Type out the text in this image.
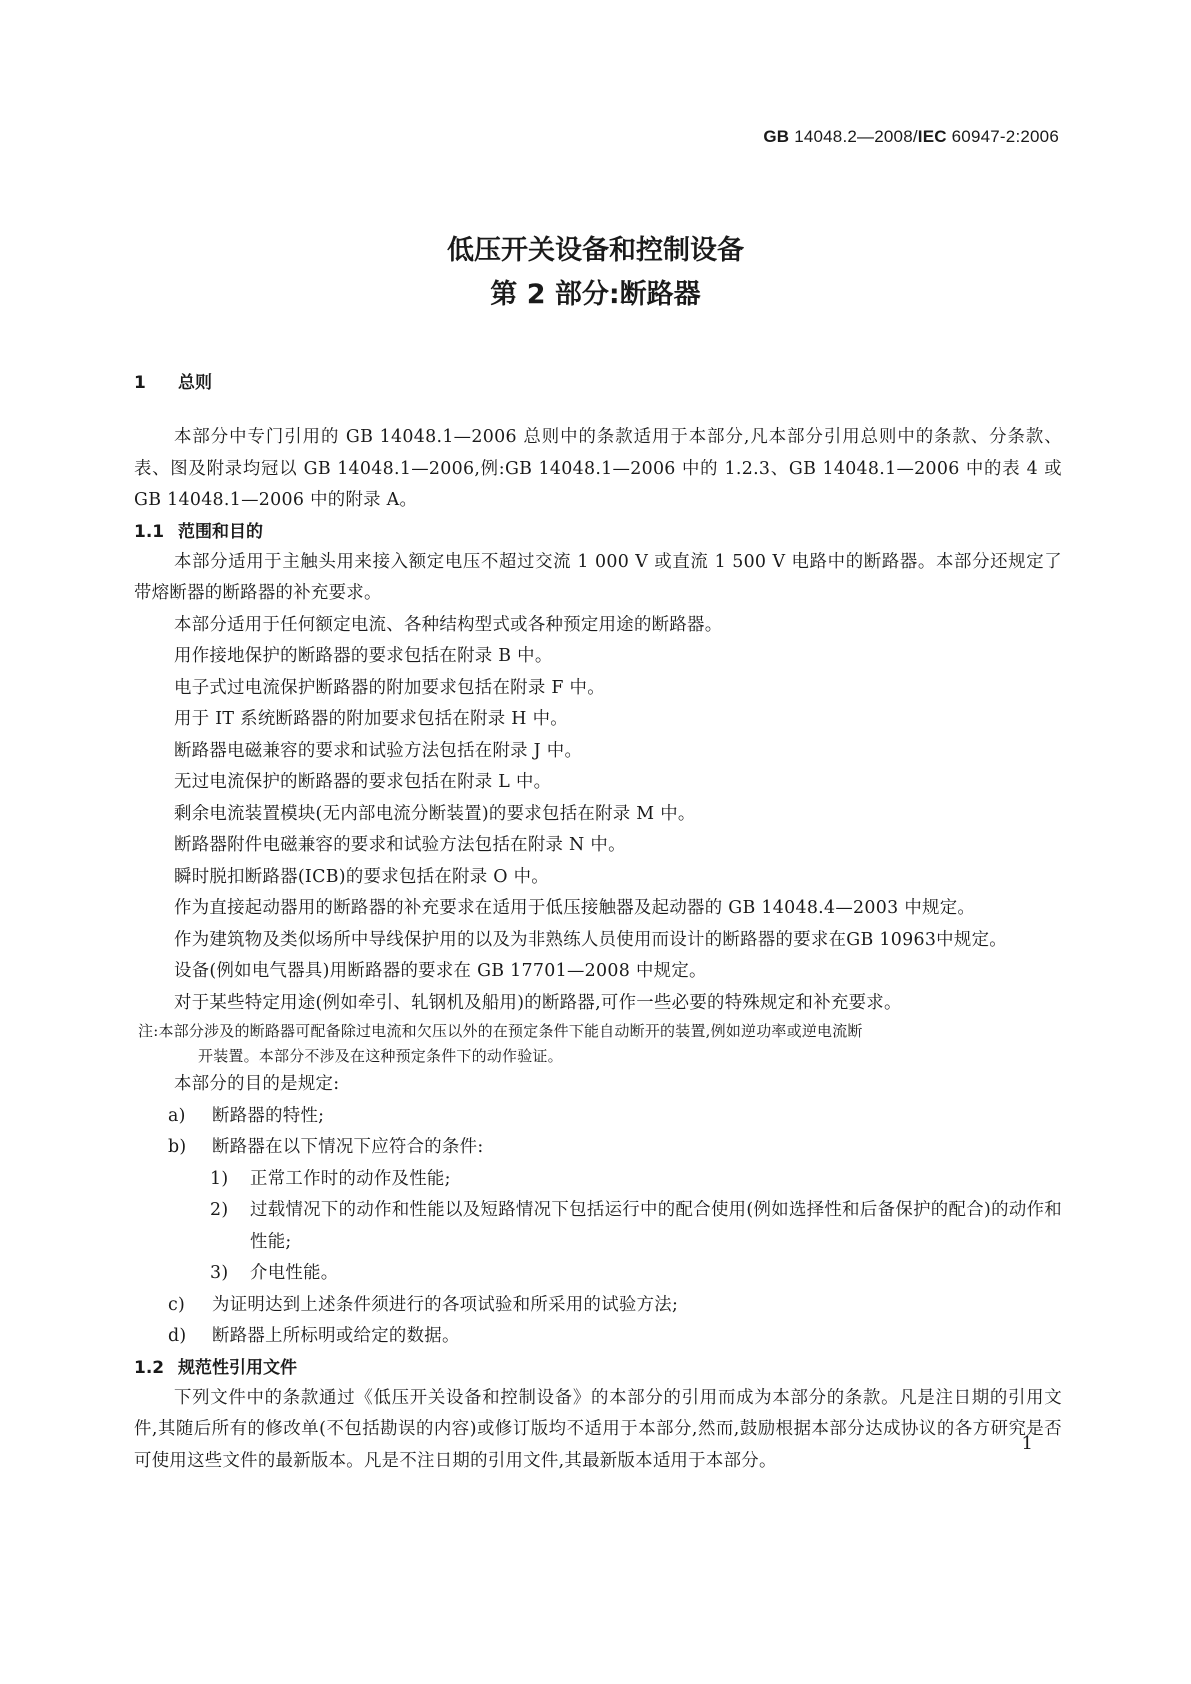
GB 14048.2—2008/IEC 60947-2:2006
低压开关设备和控制设备
第 2 部分:断路器
1 总则
本部分中专门引用的 GB 14048.1—2006 总则中的条款适用于本部分,凡本部分引用总则中的条款、分条款、表、图及附录均冠以 GB 14048.1—2006,例:GB 14048.1—2006 中的 1.2.3、GB 14048.1—2006 中的表 4 或 GB 14048.1—2006 中的附录 A。
1.1 范围和目的
本部分适用于主触头用来接入额定电压不超过交流 1 000 V 或直流 1 500 V 电路中的断路器。本部分还规定了带熔断器的断路器的补充要求。
本部分适用于任何额定电流、各种结构型式或各种预定用途的断路器。
用作接地保护的断路器的要求包括在附录 B 中。
电子式过电流保护断路器的附加要求包括在附录 F 中。
用于 IT 系统断路器的附加要求包括在附录 H 中。
断路器电磁兼容的要求和试验方法包括在附录 J 中。
无过电流保护的断路器的要求包括在附录 L 中。
剩余电流装置模块(无内部电流分断装置)的要求包括在附录 M 中。
断路器附件电磁兼容的要求和试验方法包括在附录 N 中。
瞬时脱扣断路器(ICB)的要求包括在附录 O 中。
作为直接起动器用的断路器的补充要求在适用于低压接触器及起动器的 GB 14048.4—2003 中规定。
作为建筑物及类似场所中导线保护用的以及为非熟练人员使用而设计的断路器的要求在GB 10963中规定。
设备(例如电气器具)用断路器的要求在 GB 17701—2008 中规定。
对于某些特定用途(例如牵引、轧钢机及船用)的断路器,可作一些必要的特殊规定和补充要求。
注:本部分涉及的断路器可配备除过电流和欠压以外的在预定条件下能自动断开的装置,例如逆功率或逆电流断
开装置。本部分不涉及在这种预定条件下的动作验证。
本部分的目的是规定:
a)	断路器的特性;
b)	断路器在以下情况下应符合的条件:
1)	正常工作时的动作及性能;
2)	过载情况下的动作和性能以及短路情况下包括运行中的配合使用(例如选择性和后备保护的配合)的动作和性能;
3)	介电性能。
c)	为证明达到上述条件须进行的各项试验和所采用的试验方法;
d)	断路器上所标明或给定的数据。
1.2 规范性引用文件
下列文件中的条款通过《低压开关设备和控制设备》的本部分的引用而成为本部分的条款。凡是注日期的引用文件,其随后所有的修改单(不包括勘误的内容)或修订版均不适用于本部分,然而,鼓励根据本部分达成协议的各方研究是否可使用这些文件的最新版本。凡是不注日期的引用文件,其最新版本适用于本部分。
1
